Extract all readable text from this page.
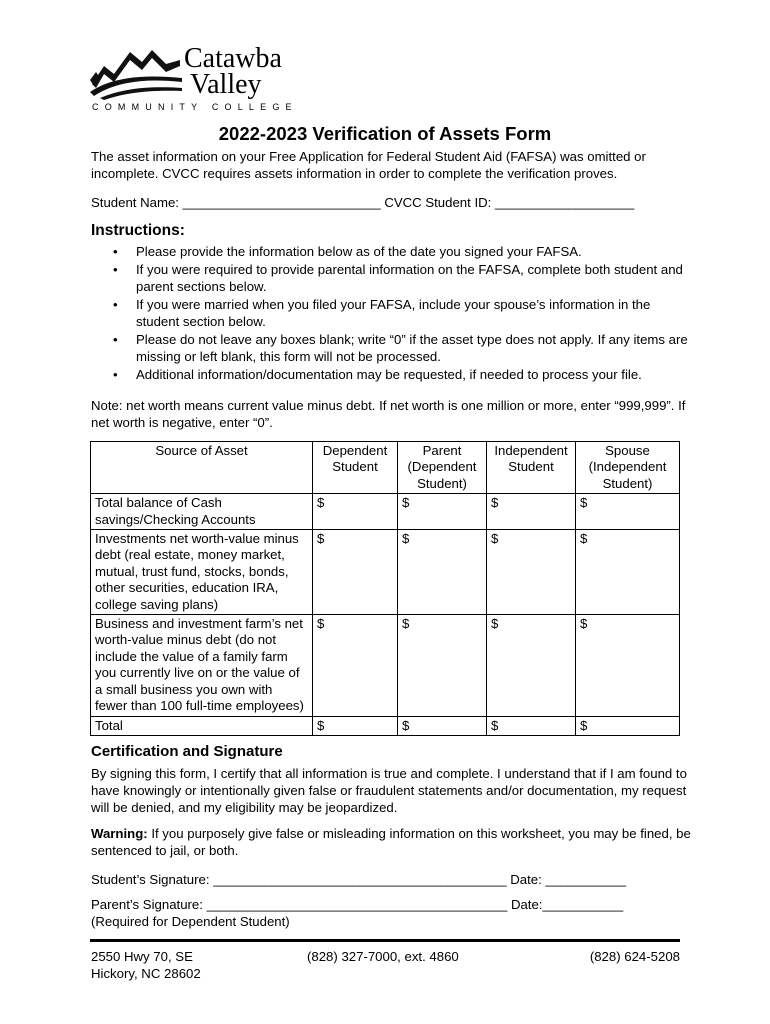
Catawba
Valley
COMMUNITY COLLEGE
2022-2023 Verification of Assets Form
The asset information on your Free Application for Federal Student Aid (FAFSA) was omitted or incomplete. CVCC requires assets information in order to complete the verification proves.
Student Name: ___________________________ CVCC Student ID: ___________________
Instructions:
• Please provide the information below as of the date you signed your FAFSA.
• If you were required to provide parental information on the FAFSA, complete both student and parent sections below.
• If you were married when you filed your FAFSA, include your spouse’s information in the student section below.
• Please do not leave any boxes blank; write “0” if the asset type does not apply. If any items are missing or left blank, this form will not be processed.
• Additional information/documentation may be requested, if needed to process your file.
Note: net worth means current value minus debt. If net worth is one million or more, enter “999,999”. If net worth is negative, enter “0”.
Source of Asset	Dependent Student	Parent (Dependent Student)	Independent Student	Spouse (Independent Student)
Total balance of Cash savings/Checking Accounts	$	$	$	$
Investments net worth-value minus debt (real estate, money market, mutual, trust fund, stocks, bonds, other securities, education IRA, college saving plans)	$	$	$	$
Business and investment farm’s net worth-value minus debt (do not include the value of a family farm you currently live on or the value of a small business you own with fewer than 100 full-time employees)	$	$	$	$
Total	$	$	$	$
Certification and Signature
By signing this form, I certify that all information is true and complete. I understand that if I am found to have knowingly or intentionally given false or fraudulent statements and/or documentation, my request will be denied, and my eligibility may be jeopardized.
Warning: If you purposely give false or misleading information on this worksheet, you may be fined, be sentenced to jail, or both.
Student’s Signature: ________________________________________ Date: ___________
Parent’s Signature: _________________________________________ Date:___________
(Required for Dependent Student)
2550 Hwy 70, SE
Hickory, NC 28602
(828) 327-7000, ext. 4860	(828) 624-5208
